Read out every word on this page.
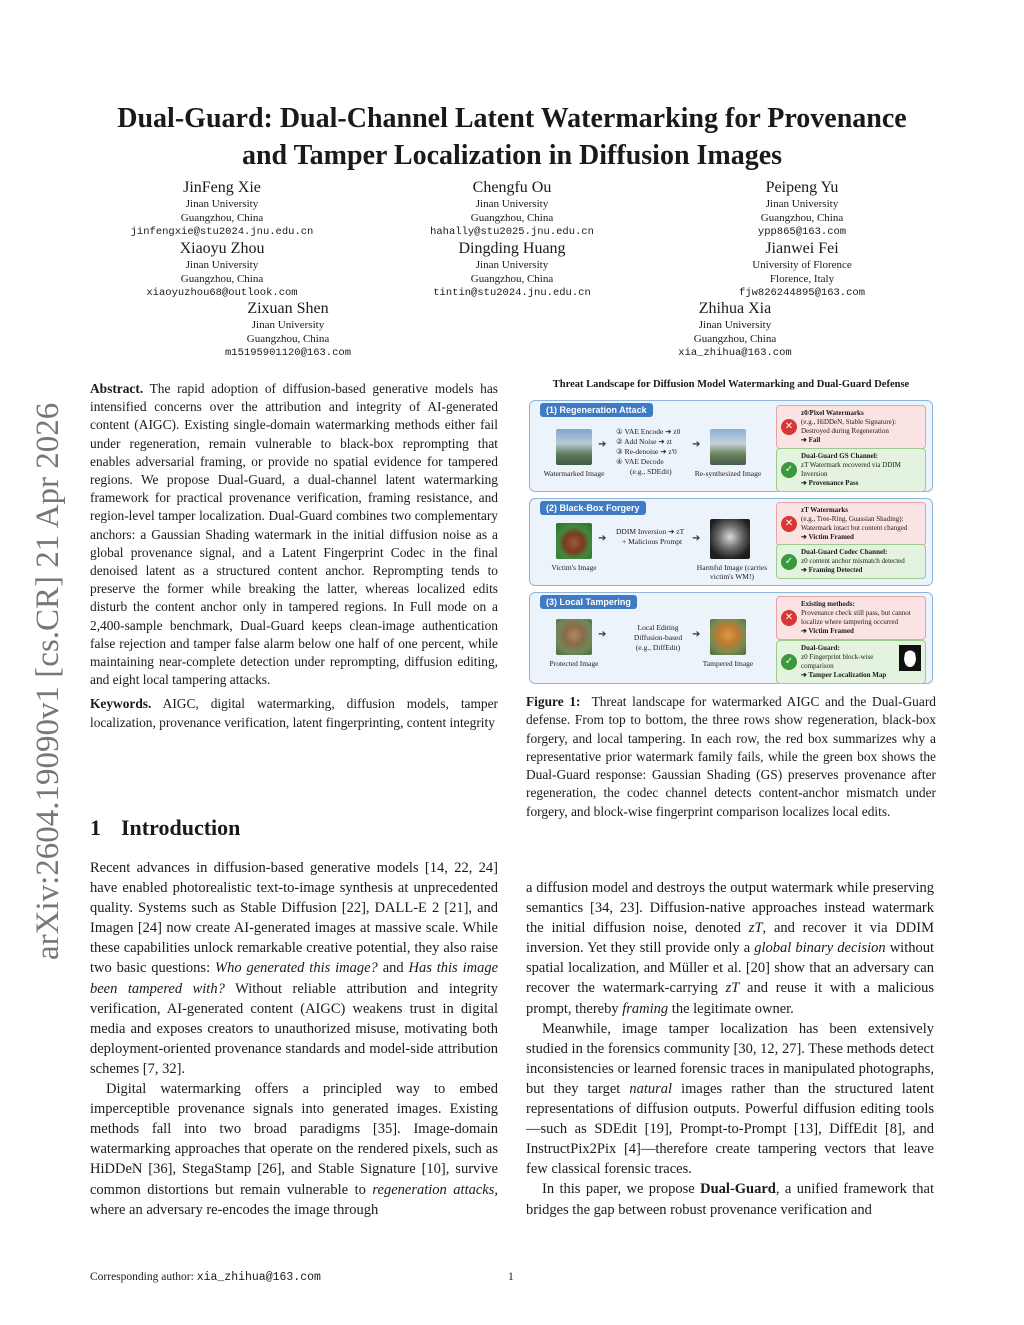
arXiv:2604.19090v1 [cs.CR] 21 Apr 2026
Dual-Guard: Dual-Channel Latent Watermarking for Provenance
and Tamper Localization in Diffusion Images
JinFeng Xie
Jinan University
Guangzhou, China
jinfengxie@stu2024.jnu.edu.cn
Chengfu Ou
Jinan University
Guangzhou, China
hahally@stu2025.jnu.edu.cn
Peipeng Yu
Jinan University
Guangzhou, China
ypp865@163.com
Xiaoyu Zhou
Jinan University
Guangzhou, China
xiaoyuzhou68@outlook.com
Dingding Huang
Jinan University
Guangzhou, China
tintin@stu2024.jnu.edu.cn
Jianwei Fei
University of Florence
Florence, Italy
fjw826244895@163.com
Zixuan Shen
Jinan University
Guangzhou, China
m15195901120@163.com
Zhihua Xia
Jinan University
Guangzhou, China
xia_zhihua@163.com

Abstract. The rapid adoption of diffusion-based generative models has intensified concerns over the attribution and integrity of AI-generated content (AIGC). Existing single-domain watermarking methods either fail under regeneration, remain vulnerable to black-box reprompting that enables adversarial framing, or provide no spatial evidence for tampered regions. We propose Dual-Guard, a dual-channel latent watermarking framework for practical provenance verification, framing resistance, and region-level tamper localization. Dual-Guard combines two complementary anchors: a Gaussian Shading watermark in the initial diffusion noise as a global provenance signal, and a Latent Fingerprint Codec in the final denoised latent as a structured content anchor. Reprompting tends to preserve the former while breaking the latter, whereas localized edits disturb the content anchor only in tampered regions. In Full mode on a 2,400-sample benchmark, Dual-Guard keeps clean-image authentication false rejection and tamper false alarm below one half of one percent, while maintaining near-complete detection under reprompting, diffusion editing, and eight local tampering attacks.

Keywords. AIGC, digital watermarking, diffusion models, tamper localization, provenance verification, latent fingerprinting, content integrity

1 Introduction

Recent advances in diffusion-based generative models [14, 22, 24] have enabled photorealistic text-to-image synthesis at unprecedented quality. Systems such as Stable Diffusion [22], DALL-E 2 [21], and Imagen [24] now create AI-generated images at massive scale. While these capabilities unlock remarkable creative potential, they also raise two basic questions: Who generated this image? and Has this image been tampered with? Without reliable attribution and integrity verification, AI-generated content (AIGC) weakens trust in digital media and exposes creators to unauthorized misuse, motivating both deployment-oriented provenance standards and model-side attribution schemes [7, 32].

Digital watermarking offers a principled way to embed imperceptible provenance signals into generated images. Existing methods fall into two broad paradigms [35]. Image-domain watermarking approaches that operate on the rendered pixels, such as HiDDeN [36], StegaStamp [26], and Stable Signature [10], survive common distortions but remain vulnerable to regeneration attacks, where an adversary re-encodes the image through

a diffusion model and destroys the output watermark while preserving semantics [34, 23]. Diffusion-native approaches instead watermark the initial diffusion noise, denoted zT, and recover it via DDIM inversion. Yet they still provide only a global binary decision without spatial localization, and Müller et al. [20] show that an adversary can recover the watermark-carrying zT and reuse it with a malicious prompt, thereby framing the legitimate owner.

Meanwhile, image tamper localization has been extensively studied in the forensics community [30, 12, 27]. These methods detect inconsistencies or learned forensic traces in manipulated photographs, but they target natural images rather than the structured latent representations of diffusion outputs. Powerful diffusion editing tools—such as SDEdit [19], Prompt-to-Prompt [13], DiffEdit [8], and InstructPix2Pix [4]—therefore create tampering vectors that leave few classical forensic traces.

In this paper, we propose Dual-Guard, a unified framework that bridges the gap between robust provenance verification and

Threat Landscape for Diffusion Model Watermarking and Dual-Guard Defense
(1) Regeneration Attack
Watermarked Image
➔
① VAE Encode ➔ z0
② Add Noise ➔ zt
③ Re-denoise ➔ z'0
④ VAE Decode
(e.g., SDEdit)
➔
Re-synthesized Image
✕
z0/Pixel Watermarks
(e.g., HiDDeN, Stable Signature): Destroyed during Regeneration
➔ Fail
✓
Dual-Guard GS Channel:
zT Watermark recovered via DDIM Inversion
➔ Provenance Pass
(2) Black-Box Forgery
Victim's Image
➔
DDIM Inversion ➔ zT
+ Malicious Prompt ➔
Harmful Image (carries victim's WM!)
✕
zT Watermarks
(e.g., Tree-Ring, Guassian Shading): Watermark intact but content changed
➔ Victim Framed
✓
Dual-Guard Codec Channel:
z0 content anchor mismatch detected
➔ Framing Detected
(3) Local Tampering
Protected Image
➔
Local Editing
Diffusion-based (e.g., DiffEdit)
➔
Tampered Image
✕
Existing methods:
Provenance check still pass, but cannot localize where tampering occurred
➔ Victim Framed
✓
Dual-Guard:
z0 Fingerprint block-wise comparison
➔ Tamper Localization Map
Figure 1: Threat landscape for watermarked AIGC and the Dual-Guard defense. From top to bottom, the three rows show regeneration, black-box forgery, and local tampering. In each row, the red box summarizes why a representative prior watermark family fails, while the green box shows the Dual-Guard response: Gaussian Shading (GS) preserves provenance after regeneration, the codec channel detects content-anchor mismatch under forgery, and block-wise fingerprint comparison localizes local edits.
Corresponding author: xia_zhihua@163.com	1
